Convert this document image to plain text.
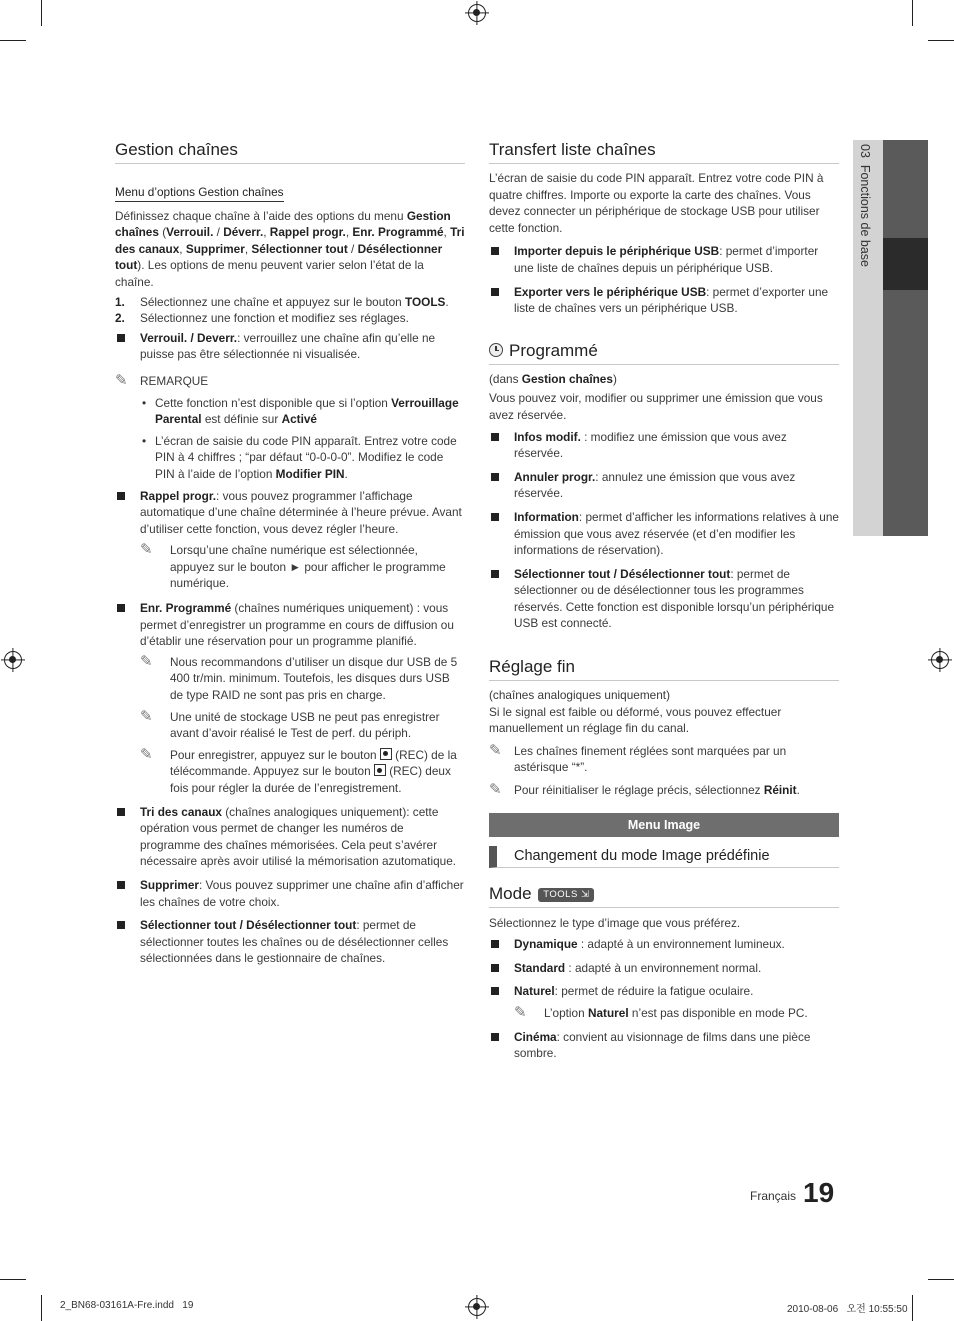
03  Fonctions de base
Gestion chaînes
Menu d’options Gestion chaînes

Définissez chaque chaîne à l’aide des options du menu Gestion chaînes (Verrouil. / Déverr., Rappel progr., Enr. Programmé, Tri des canaux, Supprimer, Sélectionner tout / Désélectionner tout). Les options de menu peuvent varier selon l’état de la chaîne.

1. Sélectionnez une chaîne et appuyez sur le bouton TOOLS.
2. Sélectionnez une fonction et modifiez ses réglages.
Verrouil. / Deverr.: verrouillez une chaîne afin qu’elle ne puisse pas être sélectionnée ni visualisée.
✎ REMARQUE
• Cette fonction n’est disponible que si l’option Verrouillage Parental est définie sur Activé
• L’écran de saisie du code PIN apparaît. Entrez votre code PIN à 4 chiffres ; “par défaut “0-0-0-0”. Modifiez le code PIN à l’aide de l’option Modifier PIN.
Rappel progr.: vous pouvez programmer l’affichage automatique d’une chaîne déterminée à l’heure prévue. Avant d’utiliser cette fonction, vous devez régler l’heure.
✎ Lorsqu’une chaîne numérique est sélectionnée, appuyez sur le bouton ► pour afficher le programme numérique.
Enr. Programmé (chaînes numériques uniquement) : vous permet d’enregistrer un programme en cours de diffusion ou d’établir une réservation pour un programme planifié.
✎ Nous recommandons d’utiliser un disque dur USB de 5 400 tr/min. minimum. Toutefois, les disques durs USB de type RAID ne sont pas pris en charge.
✎ Une unité de stockage USB ne peut pas enregistrer avant d’avoir réalisé le Test de perf. du périph.
✎ Pour enregistrer, appuyez sur le bouton  (REC) de la télécommande. Appuyez sur le bouton  (REC) deux fois pour régler la durée de l’enregistrement.
Tri des canaux (chaînes analogiques uniquement): cette opération vous permet de changer les numéros de programme des chaînes mémorisées. Cela peut s’avérer nécessaire après avoir utilisé la mémorisation azutomatique.
Supprimer: Vous pouvez supprimer une chaîne afin d’afficher les chaînes de votre choix.
Sélectionner tout / Désélectionner tout: permet de sélectionner toutes les chaînes ou de désélectionner celles sélectionnées dans le gestionnaire de chaînes.
Transfert liste chaînes

L’écran de saisie du code PIN apparaît. Entrez votre code PIN à quatre chiffres. Importe ou exporte la carte des chaînes. Vous devez connecter un périphérique de stockage USB pour utiliser cette fonction.

Importer depuis le périphérique USB: permet d’importer une liste de chaînes depuis un périphérique USB.
Exporter vers le périphérique USB: permet d’exporter une liste de chaînes vers un périphérique USB.
Programmé

(dans Gestion chaînes)

Vous pouvez voir, modifier ou supprimer une émission que vous avez réservée.

Infos modif. : modifiez une émission que vous avez réservée.
Annuler progr.: annulez une émission que vous avez réservée.
Information: permet d’afficher les informations relatives à une émission que vous avez réservée (et d’en modifier les informations de réservation).
Sélectionner tout / Désélectionner tout: permet de sélectionner ou de désélectionner tous les programmes réservés. Cette fonction est disponible lorsqu’un périphérique USB est connecté.
Réglage fin

(chaînes analogiques uniquement)

Si le signal est faible ou déformé, vous pouvez effectuer manuellement un réglage fin du canal.

✎ Les chaînes finement réglées sont marquées par un astérisque “*”.
✎ Pour réinitialiser le réglage précis, sélectionnez Réinit.
Menu Image
Changement du mode Image prédéfinie
Mode TOOLS ⇲

Sélectionnez le type d’image que vous préférez.

Dynamique : adapté à un environnement lumineux.
Standard : adapté à un environnement normal.
Naturel: permet de réduire la fatigue oculaire.
✎ L’option Naturel n’est pas disponible en mode PC.
Cinéma: convient au visionnage de films dans une pièce sombre.
Français 19
2_BN68-03161A-Fre.indd   19	2010-08-06   오전 10:55:50
